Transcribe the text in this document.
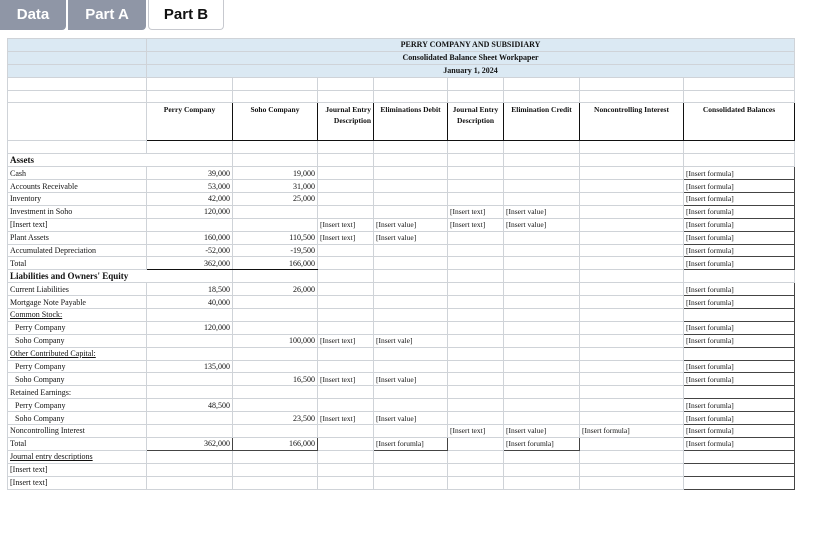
Data	Part A	Part B
	PERRY COMPANY AND SUBSIDIARY							
	Consolidated Balance Sheet Workpaper							
	January 1, 2024							

	Perry Company	Soho Company	Journal Entry Description	Eliminations Debit	Journal Entry Description	Elimination Credit	Noncontrolling Interest	Consolidated Balances

Assets								
Cash	39,000	19,000						[Insert formula]
Accounts Receivable	53,000	31,000						[Insert formula]
Inventory	42,000	25,000						[Insert formula]
Investment in Soho	120,000				[Insert text]	[Insert value]		[Insert forumla]
[Insert text]			[Insert text]	[Insert value]	[Insert text]	[Insert value]		[Insert forumla]
Plant Assets	160,000	110,500	[Insert text]	[Insert value]				[Insert forumla]
Accumulated Depreciation	-52,000	-19,500						[Insert formula]
Total	362,000	166,000						[Insert forumla]
Liabilities and Owners' Equity								
Current Liabilities	18,500	26,000						[Insert forumla]
Mortgage Note Payable	40,000							[Insert forumla]
Common Stock:								
Perry Company	120,000							[Insert forumla]
Soho Company		100,000	[Insert text]	[Insert vale]				[Insert forumla]
Other Contributed Capital:								
Perry Company	135,000							[Insert forumla]
Soho Company		16,500	[Insert text]	[Insert value]				[Insert forumla]
Retained Earnings:								
Perry Company	48,500							[Insert forumla]
Soho Company		23,500	[Insert text]	[Insert value]				[Insert forumla]
Noncontrolling Interest					[Insert text]	[Insert value]	[Insert formula]	[Insert formula]
Total	362,000	166,000		[Insert forumla]		[Insert forumla]		[Insert formula]
Journal entry descriptions								
[Insert text]								
[Insert text]								
